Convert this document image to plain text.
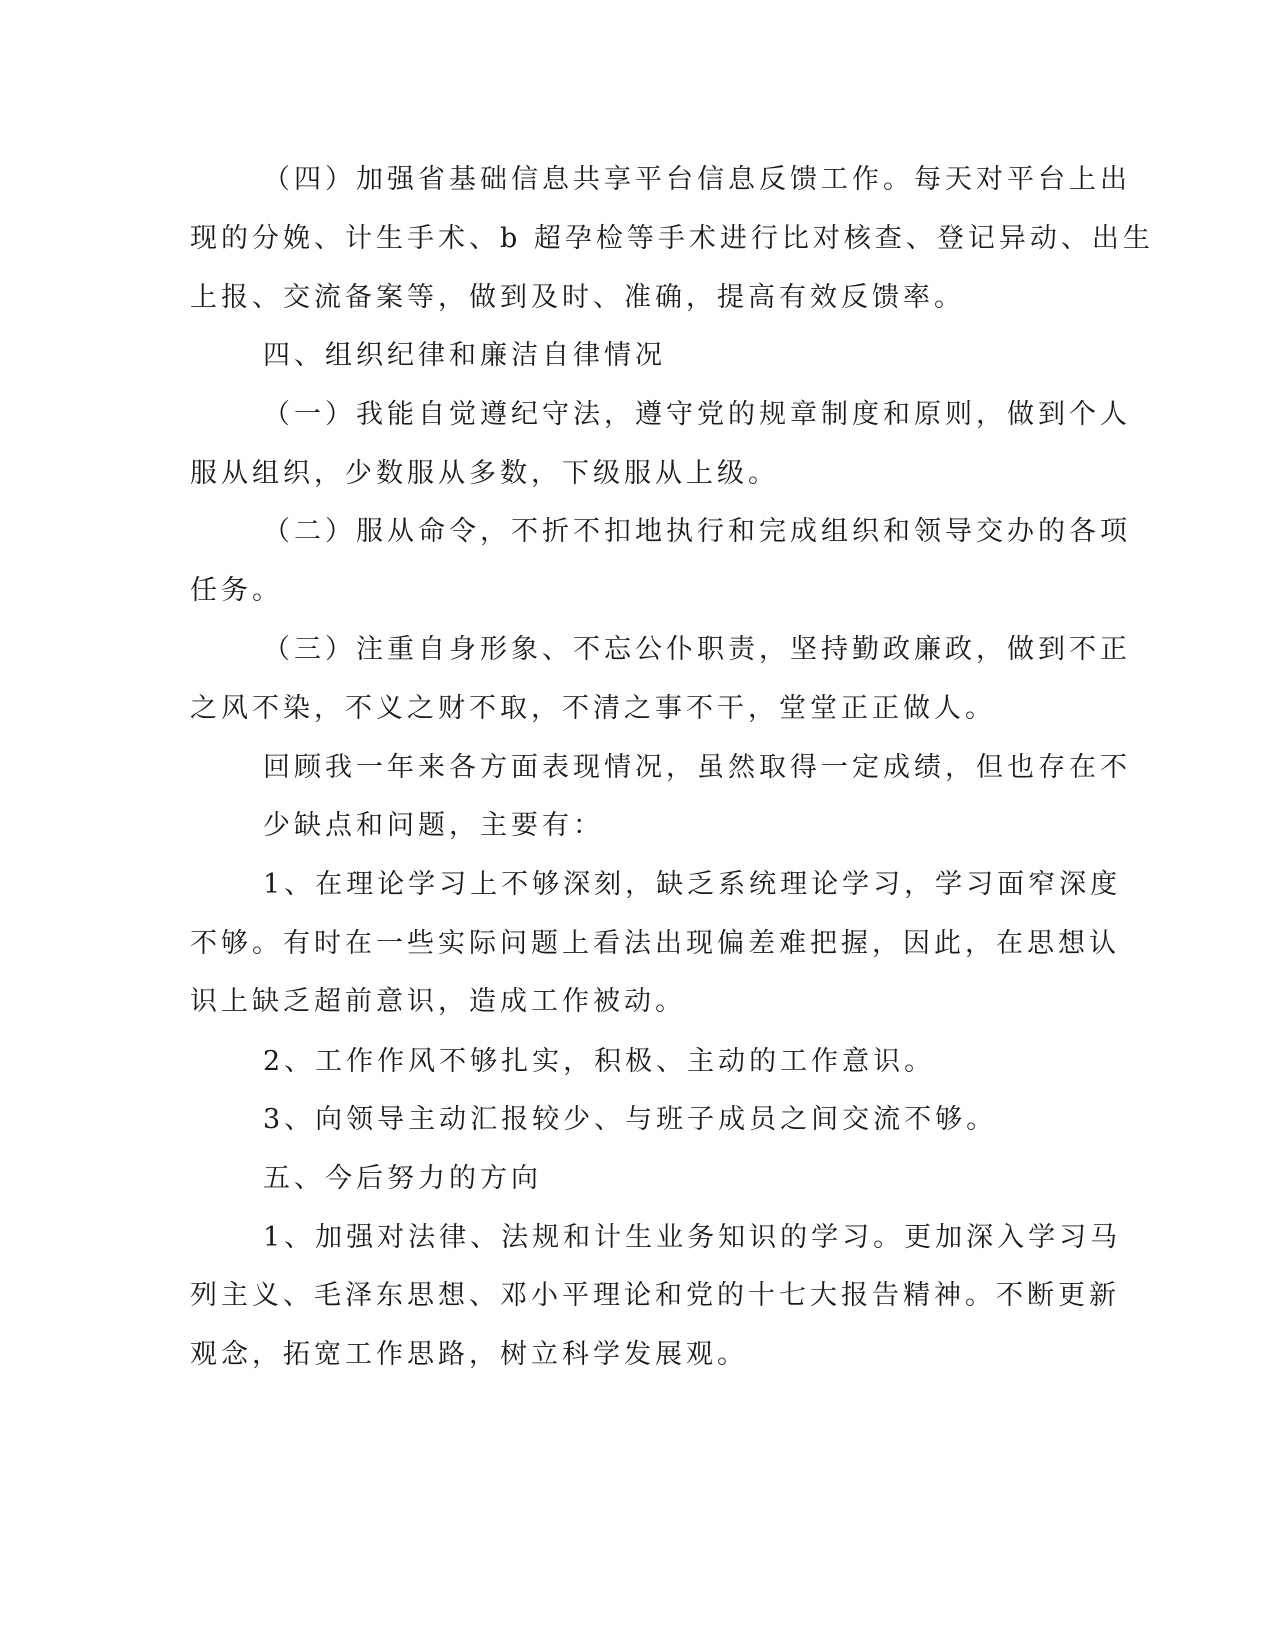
（四）加强省基础信息共享平台信息反馈工作。每天对平台上出
现的分娩、计生手术、b 超孕检等手术进行比对核查、登记异动、出生
上报、交流备案等，做到及时、准确，提高有效反馈率。
四、组织纪律和廉洁自律情况
（一）我能自觉遵纪守法，遵守党的规章制度和原则，做到个人
服从组织，少数服从多数，下级服从上级。
（二）服从命令，不折不扣地执行和完成组织和领导交办的各项
任务。
（三）注重自身形象、不忘公仆职责，坚持勤政廉政，做到不正
之风不染，不义之财不取，不清之事不干，堂堂正正做人。
回顾我一年来各方面表现情况，虽然取得一定成绩，但也存在不
少缺点和问题，主要有：
1、在理论学习上不够深刻，缺乏系统理论学习，学习面窄深度
不够。有时在一些实际问题上看法出现偏差难把握，因此，在思想认
识上缺乏超前意识，造成工作被动。
2、工作作风不够扎实，积极、主动的工作意识。
3、向领导主动汇报较少、与班子成员之间交流不够。
五、今后努力的方向
1、加强对法律、法规和计生业务知识的学习。更加深入学习马
列主义、毛泽东思想、邓小平理论和党的十七大报告精神。不断更新
观念，拓宽工作思路，树立科学发展观。
